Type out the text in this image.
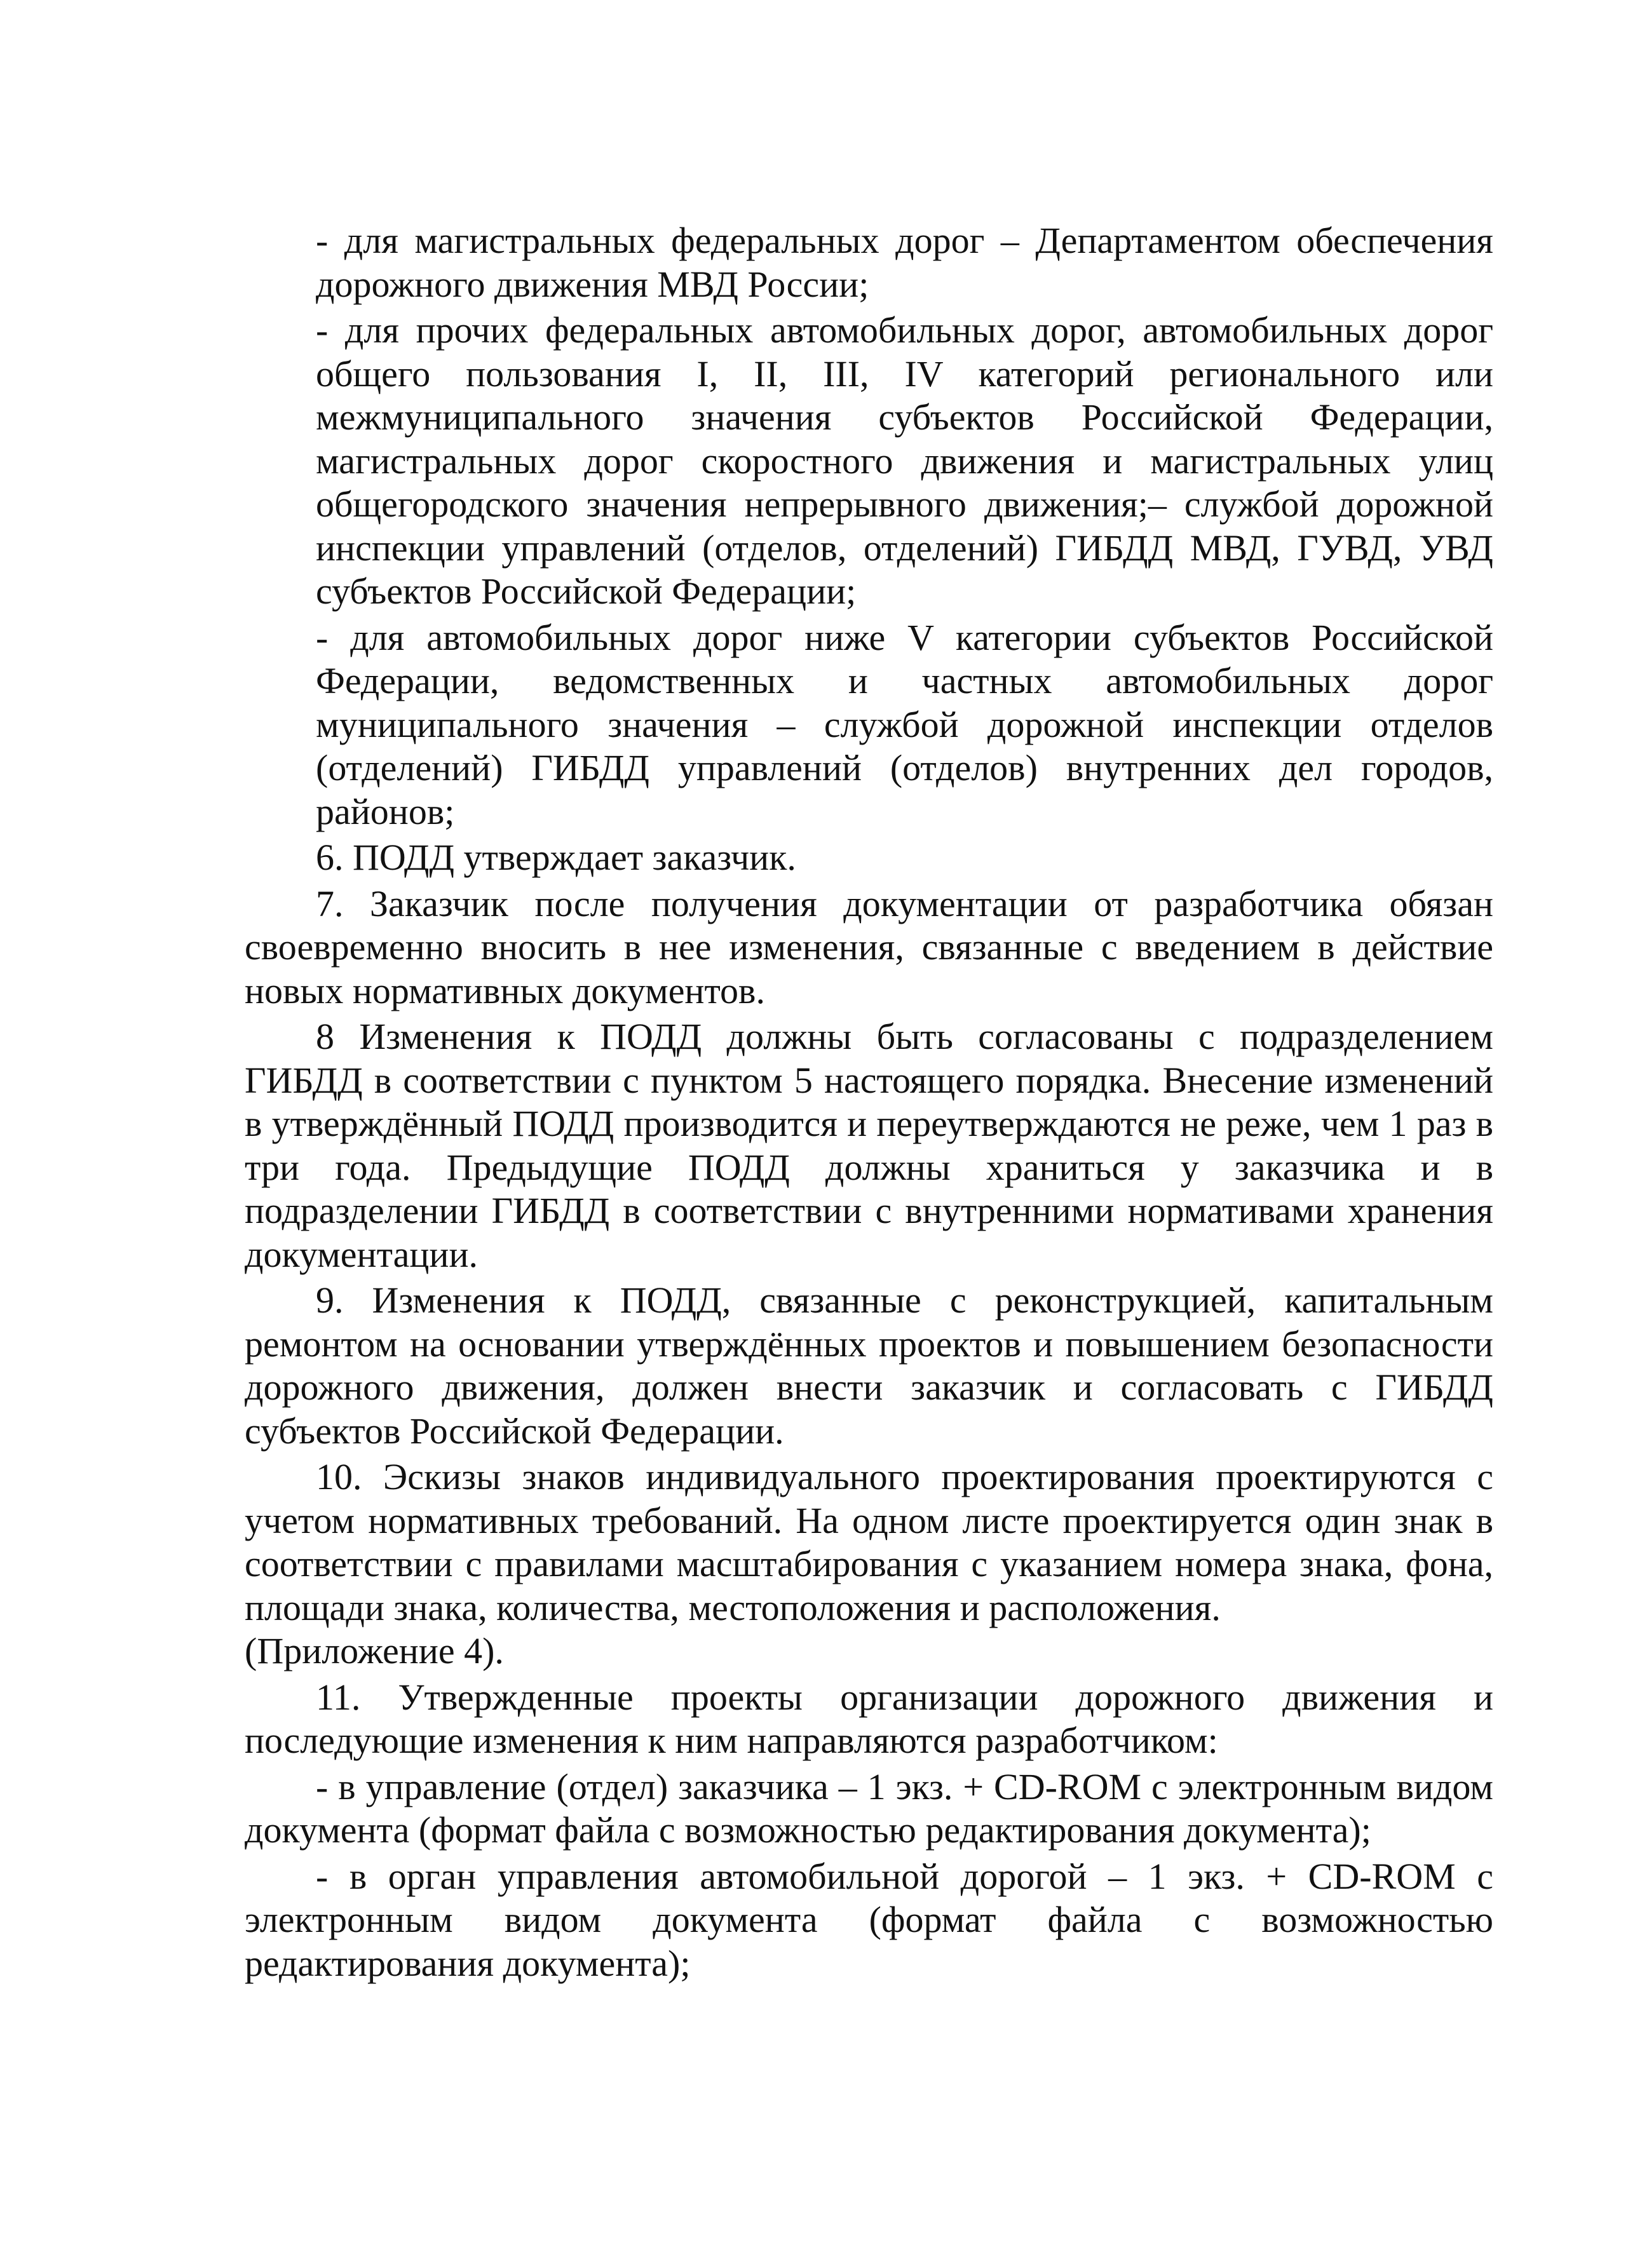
- для магистральных федеральных дорог – Департаментом обеспечения дорожного движения МВД России;

- для прочих федеральных автомобильных дорог, автомобильных дорог общего пользования I, II, III, IV категорий регионального или межмуниципального значения субъектов Российской Федерации, магистральных дорог скоростного движения и магистральных улиц общегородского значения непрерывного движения;– службой дорожной инспекции управлений (отделов, отделений) ГИБДД МВД, ГУВД, УВД субъектов Российской Федерации;

- для автомобильных дорог ниже V категории субъектов Российской Федерации, ведомственных и частных автомобильных дорог муниципального значения – службой дорожной инспекции отделов (отделений) ГИБДД управлений (отделов) внутренних дел городов, районов;

6. ПОДД утверждает заказчик.

7. Заказчик после получения документации от разработчика обязан своевременно вносить в нее изменения, связанные с введением в действие новых нормативных документов.

8 Изменения к ПОДД должны быть согласованы с подразделением ГИБДД в соответствии с пунктом 5 настоящего порядка. Внесение изменений в утверждённый ПОДД производится и переутверждаются не реже, чем 1 раз в три года. Предыдущие ПОДД должны храниться у заказчика и в подразделении ГИБДД в соответствии с внутренними нормативами хранения документации.

9. Изменения к ПОДД, связанные с реконструкцией, капитальным ремонтом на основании утверждённых проектов и повышением безопасности дорожного движения, должен внести заказчик и согласовать с ГИБДД субъектов Российской Федерации.

10. Эскизы знаков индивидуального проектирования проектируются с учетом нормативных требований. На одном листе проектируется один знак в соответствии с правилами масштабирования с указанием номера знака, фона, площади знака, количества, местоположения и расположения.

(Приложение 4).

11. Утвержденные проекты организации дорожного движения и последующие изменения к ним направляются разработчиком:

- в управление (отдел) заказчика – 1 экз. + CD-ROM с электронным видом документа (формат файла с возможностью редактирования документа);

- в орган управления автомобильной дорогой – 1 экз. + CD-ROM с электронным видом документа (формат файла с возможностью редактирования документа);
